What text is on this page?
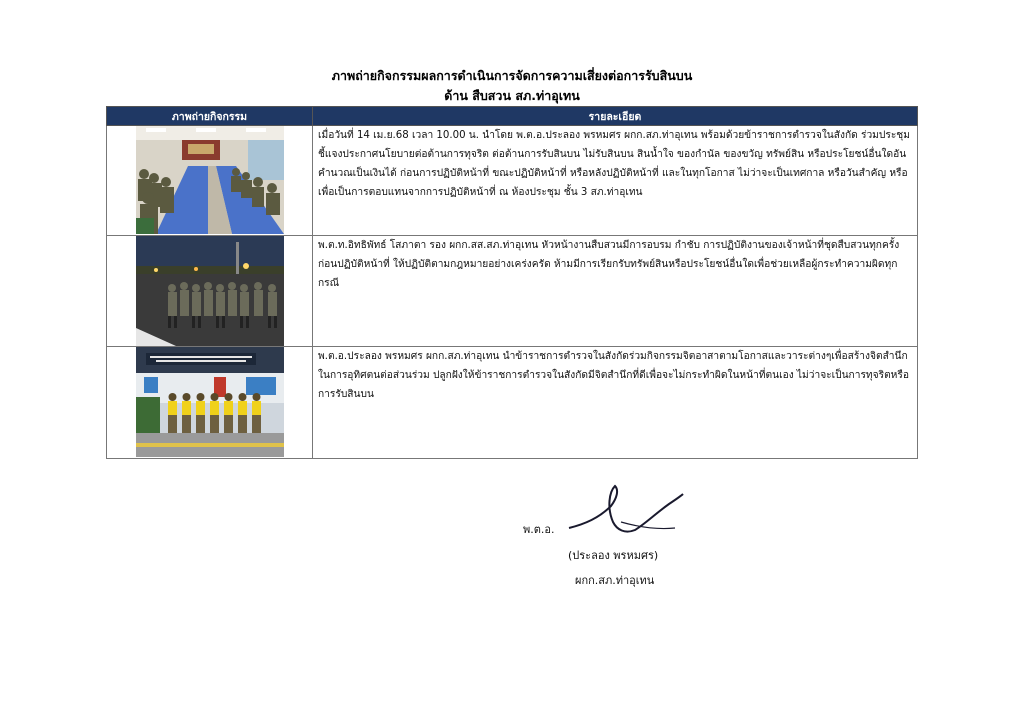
ภาพถ่ายกิจกรรมผลการดำเนินการจัดการความเสี่ยงต่อการรับสินบน
ด้าน สืบสวน สภ.ท่าอุเทน
ภาพถ่ายกิจกรรม	รายละเอียด

เมื่อวันที่ 14 เม.ย.68 เวลา 10.00 น. นำโดย พ.ต.อ.ประลอง พรหมศร ผกก.สภ.ท่าอุเทน พร้อมด้วยข้าราชการตำรวจในสังกัด ร่วมประชุมชี้แจงประกาศนโยบายต่อต้านการทุจริต ต่อต้านการรับสินบน ไม่รับสินบน สินน้ำใจ ของกำนัล ของขวัญ ทรัพย์สิน หรือประโยชน์อื่นใดอันคำนวณเป็นเงินได้ ก่อนการปฏิบัติหน้าที่ ขณะปฏิบัติหน้าที่ หรือหลังปฏิบัติหน้าที่ และในทุกโอกาส ไม่ว่าจะเป็นเทศกาล หรือวันสำคัญ หรือเพื่อเป็นการตอบแทนจากการปฏิบัติหน้าที่ ณ ห้องประชุม ชั้น 3 สภ.ท่าอุเทน

พ.ต.ท.อิทธิพัทธ์ โสภาตา รอง ผกก.สส.สภ.ท่าอุเทน หัวหน้างานสืบสวนมีการอบรม กำชับ การปฏิบัติงานของเจ้าหน้าที่ชุดสืบสวนทุกครั้งก่อนปฏิบัติหน้าที่ ให้ปฏิบัติตามกฎหมายอย่างเคร่งครัด ห้ามมีการเรียกรับทรัพย์สินหรือประโยชน์อื่นใดเพื่อช่วยเหลือผู้กระทำความผิดทุกกรณี

พ.ต.อ.ประลอง พรหมศร ผกก.สภ.ท่าอุเทน นำข้าราชการตำรวจในสังกัดร่วมกิจกรรมจิตอาสาตามโอกาสและวาระต่างๆเพื่อสร้างจิตสำนึกในการอุทิศตนต่อส่วนร่วม ปลูกฝังให้ข้าราชการตำรวจในสังกัดมีจิตสำนึกที่ดีเพื่อจะไม่กระทำผิดในหน้าที่ตนเอง ไม่ว่าจะเป็นการทุจริตหรือการรับสินบน
พ.ต.อ.
(ประลอง พรหมศร)
ผกก.สภ.ท่าอุเทน
